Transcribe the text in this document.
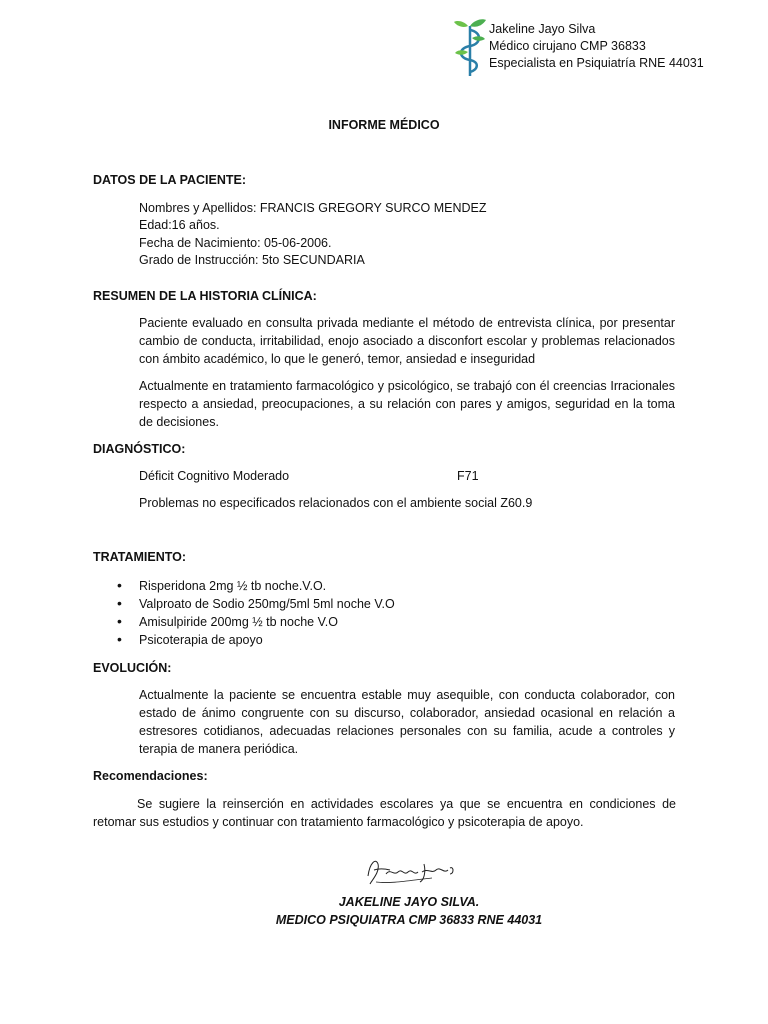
Jakeline Jayo Silva
Médico cirujano CMP 36833
Especialista en Psiquiatría RNE 44031
INFORME MÉDICO
DATOS DE LA PACIENTE:
Nombres y Apellidos: FRANCIS GREGORY SURCO MENDEZ
Edad:16 años.
Fecha de Nacimiento: 05-06-2006.
Grado de Instrucción: 5to SECUNDARIA
RESUMEN DE LA HISTORIA CLÍNICA:

Paciente evaluado en consulta privada mediante el método de entrevista clínica, por presentar cambio de conducta, irritabilidad, enojo asociado a disconfort escolar y problemas relacionados con ámbito académico, lo que le generó, temor, ansiedad e inseguridad

Actualmente en tratamiento farmacológico y psicológico, se trabajó con él creencias Irracionales respecto a ansiedad, preocupaciones, a su relación con pares y amigos, seguridad en la toma de decisiones.

DIAGNÓSTICO:
Déficit Cognitivo Moderado	F71
Problemas no especificados relacionados con el ambiente social Z60.9
TRATAMIENTO:
•Risperidona 2mg ½ tb noche.V.O.
•Valproato de Sodio 250mg/5ml 5ml noche V.O
•Amisulpiride 200mg ½ tb noche V.O
•Psicoterapia de apoyo
EVOLUCIÓN:

Actualmente la paciente se encuentra estable muy asequible, con conducta colaborador, con estado de ánimo congruente con su discurso, colaborador, ansiedad ocasional en relación a estresores cotidianos, adecuadas relaciones personales con su familia, acude a controles y terapia de manera periódica.

Recomendaciones:
Se sugiere la reinserción en actividades escolares ya que se encuentra en condiciones de retomar sus estudios y continuar con tratamiento farmacológico y psicoterapia de apoyo.
JAKELINE JAYO SILVA.
MEDICO PSIQUIATRA CMP 36833 RNE 44031
